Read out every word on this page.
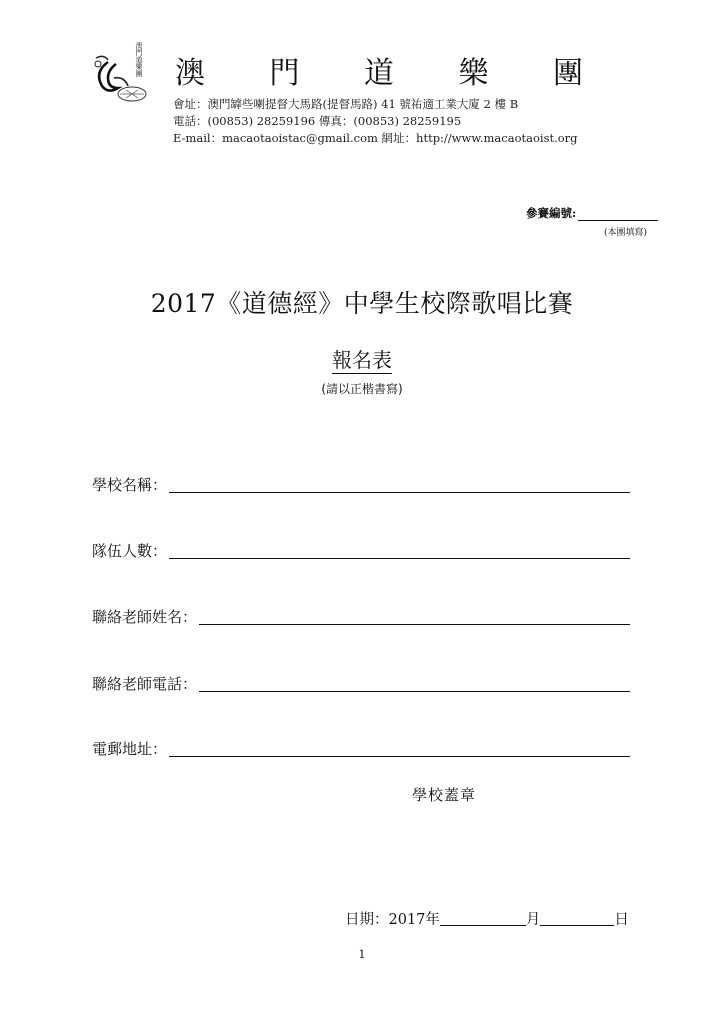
澳門道樂團 澳 門 道 樂 團
會址：澳門罅些喇提督大馬路(提督馬路) 41 號祐適工業大廈 2 樓 B
電話：(00853) 28259196 傳真：(00853) 28259195
E-mail：macaotaoistac@gmail.com 網址：http://www.macaotaoist.org
參賽編號:
(本團填寫)
2017《道德經》中學生校際歌唱比賽
報名表
(請以正楷書寫)
學校名稱：
隊伍人數：
聯絡老師姓名：
聯絡老師電話：
電郵地址：
學校蓋章
日期：2017年	月	日
1
